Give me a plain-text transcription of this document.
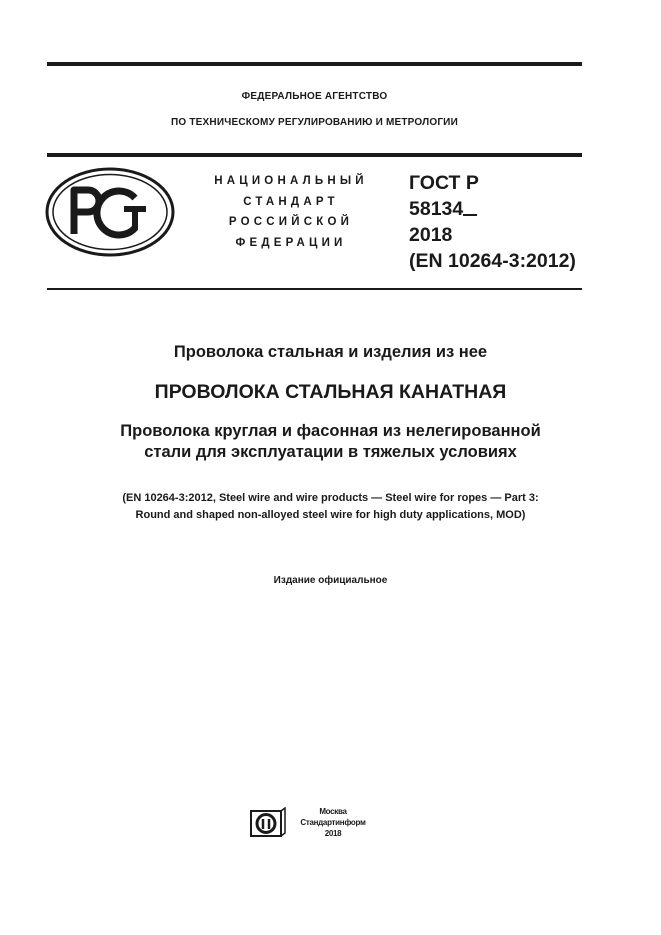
ФЕДЕРАЛЬНОЕ АГЕНТСТВО
ПО ТЕХНИЧЕСКОМУ РЕГУЛИРОВАНИЮ И МЕТРОЛОГИИ
НАЦИОНАЛЬНЫЙ
СТАНДАРТ
РОССИЙСКОЙ
ФЕДЕРАЦИИ
ГОСТ Р
58134
2018
(EN 10264-3:2012)
Проволока стальная и изделия из нее
ПРОВОЛОКА СТАЛЬНАЯ КАНАТНАЯ
Проволока круглая и фасонная из нелегированной
стали для эксплуатации в тяжелых условиях
(EN 10264-3:2012, Steel wire and wire products — Steel wire for ropes — Part 3:
Round and shaped non-alloyed steel wire for high duty applications, MOD)
Издание официальное
Москва
Стандартинформ
2018
